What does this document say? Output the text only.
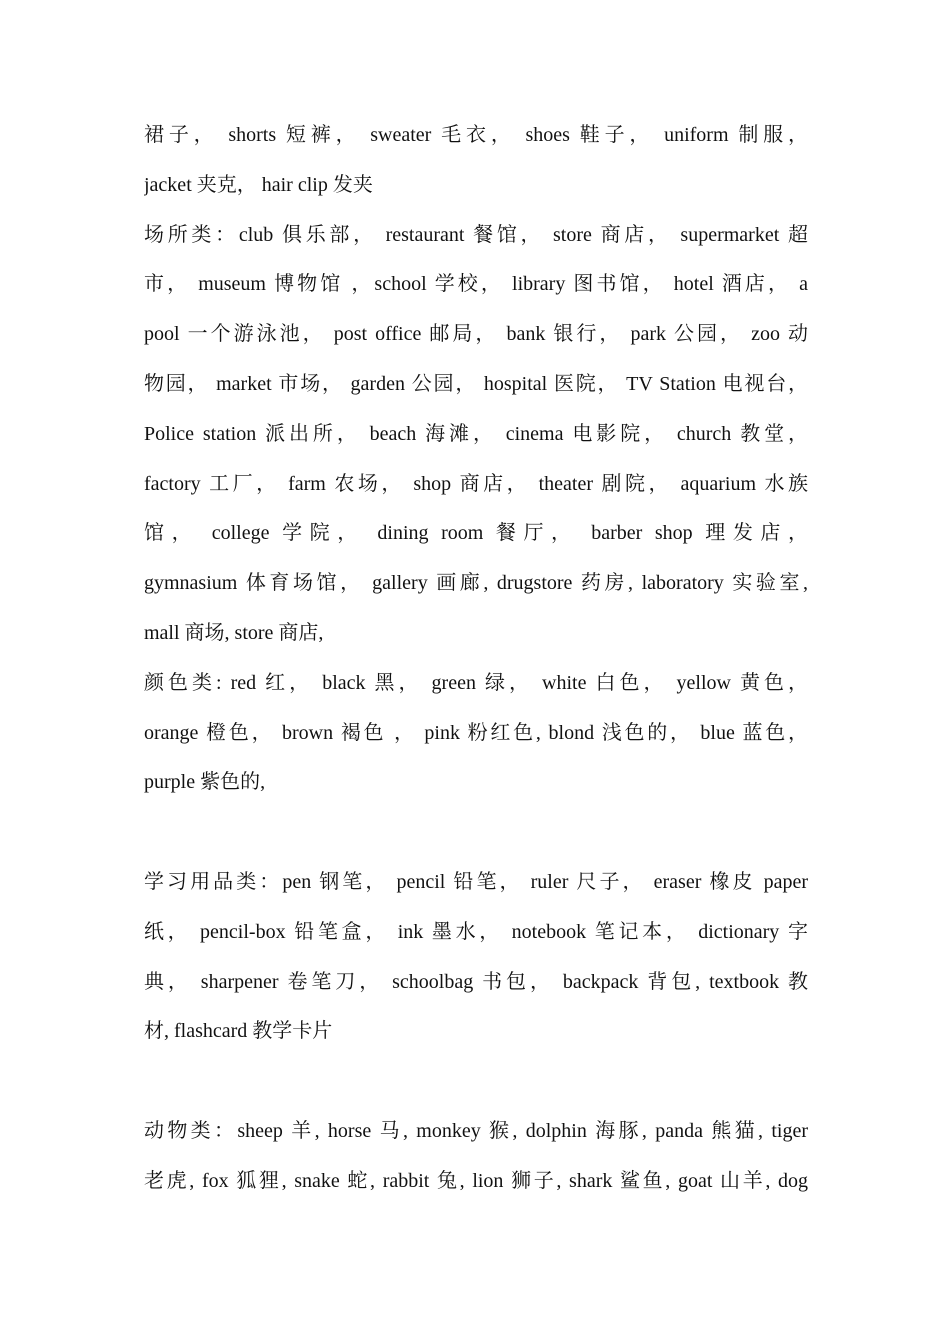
裙子， shorts 短裤， sweater 毛衣， shoes 鞋子， uniform 制服，
jacket 夹克， hair clip 发夹
场所类：club 俱乐部， restaurant 餐馆， store 商店， supermarket 超
市， museum 博物馆 ，school 学校， library 图书馆， hotel 酒店， a
pool 一个游泳池， post office 邮局， bank 银行， park 公园， zoo 动
物园， market 市场， garden 公园， hospital 医院， TV Station 电视台，
Police station 派出所， beach 海滩， cinema 电影院， church 教堂，
factory 工厂， farm 农场， shop 商店， theater 剧院， aquarium 水族
馆， college 学院， dining room 餐厅， barber shop 理发店，
gymnasium 体育场馆， gallery 画廊, drugstore 药房, laboratory 实验室,
mall 商场, store 商店,
颜色类: red 红， black 黑， green 绿， white 白色， yellow 黄色，
orange 橙色， brown 褐色 ， pink 粉红色, blond 浅色的， blue 蓝色，
purple 紫色的,
学习用品类：pen 钢笔， pencil 铅笔， ruler 尺子， eraser 橡皮 paper
纸， pencil-box 铅笔盒， ink 墨水， notebook 笔记本， dictionary 字
典， sharpener 卷笔刀， schoolbag 书包， backpack 背包, textbook 教
材, flashcard 教学卡片
动物类：sheep 羊, horse 马, monkey 猴, dolphin 海豚, panda 熊猫, tiger
老虎, fox 狐狸, snake 蛇, rabbit 兔, lion 狮子, shark 鲨鱼, goat 山羊, dog
